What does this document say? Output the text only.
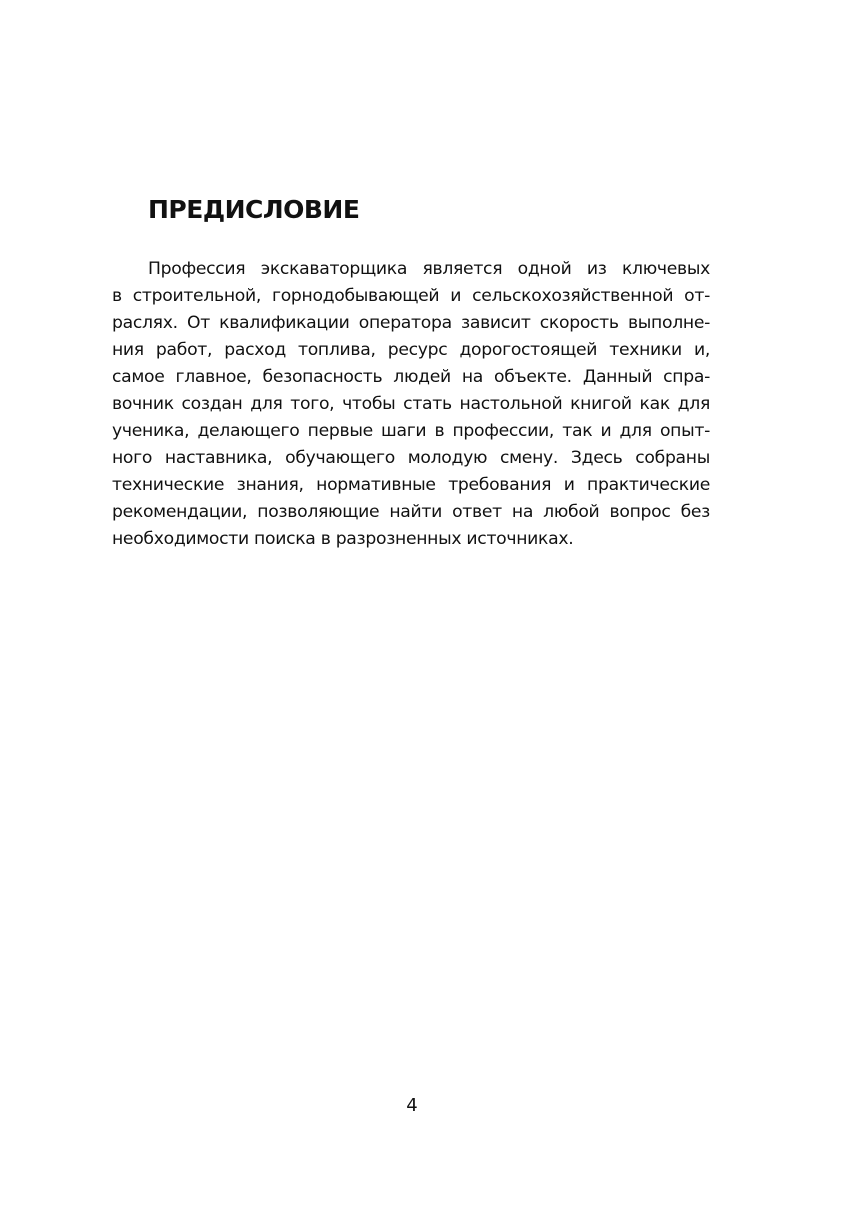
ПРЕДИСЛОВИЕ
Профессия экскаваторщика является одной из ключевых
в строительной, горнодобывающей и сельскохозяйственной от-
раслях. От квалификации оператора зависит скорость выполне-
ния работ, расход топлива, ресурс дорогостоящей техники и,
самое главное, безопасность людей на объекте. Данный спра-
вочник создан для того, чтобы стать настольной книгой как для
ученика, делающего первые шаги в профессии, так и для опыт-
ного наставника, обучающего молодую смену. Здесь собраны
технические знания, нормативные требования и практические
рекомендации, позволяющие найти ответ на любой вопрос без
необходимости поиска в разрозненных источниках.
4
